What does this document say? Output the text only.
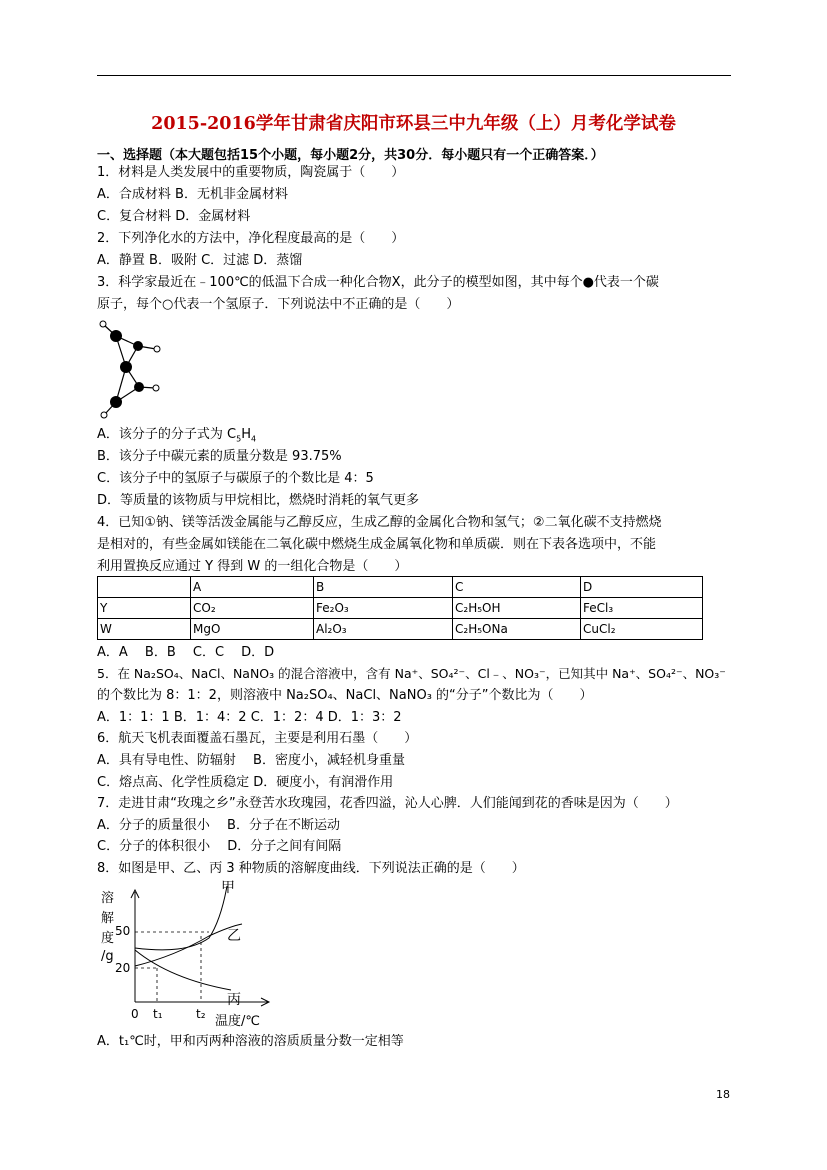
2015-2016学年甘肃省庆阳市环县三中九年级（上）月考化学试卷
一、选择题（本大题包括15个小题，每小题2分，共30分．每小题只有一个正确答案．）
1．材料是人类发展中的重要物质，陶瓷属于（　　）
A．合成材料 B．无机非金属材料
C．复合材料 D．金属材料
2．下列净化水的方法中，净化程度最高的是（　　）
A．静置 B．吸附 C．过滤 D．蒸馏
3．科学家最近在﹣100℃的低温下合成一种化合物X，此分子的模型如图，其中每个●代表一个碳
原子，每个○代表一个氢原子．下列说法中不正确的是（　　）
A．该分子的分子式为 $C_5H_4$
B．该分子中碳元素的质量分数是 93.75%
C．该分子中的氢原子与碳原子的个数比是 4：5
D．等质量的该物质与甲烷相比，燃烧时消耗的氧气更多
4．已知①钠、镁等活泼金属能与乙醇反应，生成乙醇的金属化合物和氢气；②二氧化碳不支持燃烧
是相对的，有些金属如镁能在二氧化碳中燃烧生成金属氧化物和单质碳．则在下表各选项中，不能
利用置换反应通过 Y 得到 W 的一组化合物是（　　）
	A	B	C	D
Y	CO₂	Fe₂O₃	C₂H₅OH	FeCl₃
W	MgO	Al₂O₃	C₂H₅ONa	CuCl₂
A．A　 B．B　 C．C　 D．D
5．在 Na₂SO₄、NaCl、NaNO₃ 的混合溶液中，含有 Na⁺、SO₄²⁻、Cl﹣、NO₃⁻，已知其中 Na⁺、SO₄²⁻、NO₃⁻
的个数比为 8：1：2，则溶液中 Na₂SO₄、NaCl、NaNO₃ 的“分子”个数比为（　　）
A．1：1：1 B．1：4：2 C．1：2：4 D．1：3：2
6．航天飞机表面覆盖石墨瓦，主要是利用石墨（　　）
A．具有导电性、防辐射　 B．密度小，减轻机身重量
C．熔点高、化学性质稳定 D．硬度小，有润滑作用
7．走进甘肃“玫瑰之乡”永登苦水玫瑰园，花香四溢，沁人心脾．人们能闻到花的香味是因为（　　）
A．分子的质量很小　 B．分子在不断运动
C．分子的体积很小　 D．分子之间有间隔
8．如图是甲、乙、丙 3 种物质的溶解度曲线．下列说法正确的是（　　）
溶
解
度
/g
50
20
0 t₁	t₂ 温度/℃
甲
乙
丙
A．t₁℃时，甲和丙两种溶液的溶质质量分数一定相等
18
